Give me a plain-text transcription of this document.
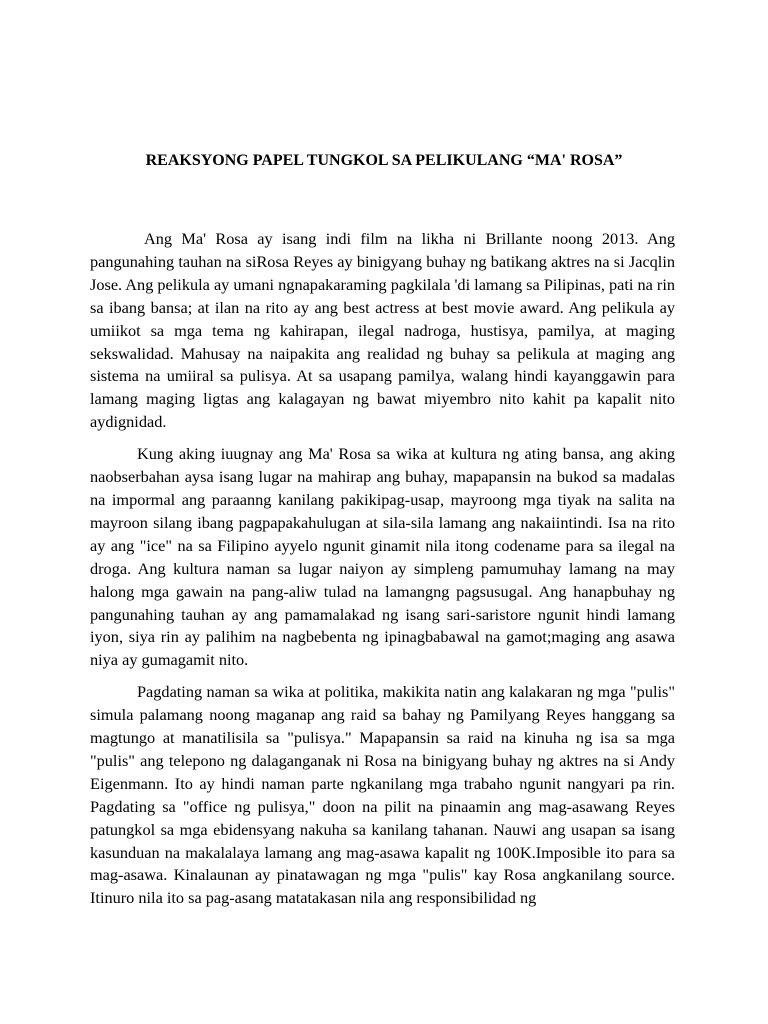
REAKSYONG PAPEL TUNGKOL SA PELIKULANG “MA' ROSA”

Ang Ma' Rosa ay isang indi film na likha ni Brillante noong 2013. Ang pangunahing tauhan na siRosa Reyes ay binigyang buhay ng batikang aktres na si Jacqlin Jose. Ang pelikula ay umani ngnapakaraming pagkilala 'di lamang sa Pilipinas, pati na rin sa ibang bansa; at ilan na rito ay ang best actress at best movie award. Ang pelikula ay umiikot sa mga tema ng kahirapan, ilegal nadroga, hustisya, pamilya, at maging sekswalidad. Mahusay na naipakita ang realidad ng buhay sa pelikula at maging ang sistema na umiiral sa pulisya. At sa usapang pamilya, walang hindi kayanggawin para lamang maging ligtas ang kalagayan ng bawat miyembro nito kahit pa kapalit nito aydignidad.

Kung aking iuugnay ang Ma' Rosa sa wika at kultura ng ating bansa, ang aking naobserbahan aysa isang lugar na mahirap ang buhay, mapapansin na bukod sa madalas na impormal ang paraanng kanilang pakikipag-usap, mayroong mga tiyak na salita na mayroon silang ibang pagpapakahulugan at sila-sila lamang ang nakaiintindi. Isa na rito ay ang "ice" na sa Filipino ayyelo ngunit ginamit nila itong codename para sa ilegal na droga. Ang kultura naman sa lugar naiyon ay simpleng pamumuhay lamang na may halong mga gawain na pang-aliw tulad na lamangng pagsusugal. Ang hanapbuhay ng pangunahing tauhan ay ang pamamalakad ng isang sari-saristore ngunit hindi lamang iyon, siya rin ay palihim na nagbebenta ng ipinagbabawal na gamot;maging ang asawa niya ay gumagamit nito.

Pagdating naman sa wika at politika, makikita natin ang kalakaran ng mga "pulis" simula palamang noong maganap ang raid sa bahay ng Pamilyang Reyes hanggang sa magtungo at manatilisila sa "pulisya." Mapapansin sa raid na kinuha ng isa sa mga "pulis" ang telepono ng dalaganganak ni Rosa na binigyang buhay ng aktres na si Andy Eigenmann. Ito ay hindi naman parte ngkanilang mga trabaho ngunit nangyari pa rin. Pagdating sa "office ng pulisya," doon na pilit na pinaamin ang mag-asawang Reyes patungkol sa mga ebidensyang nakuha sa kanilang tahanan. Nauwi ang usapan sa isang kasunduan na makalalaya lamang ang mag-asawa kapalit ng 100K.Imposible ito para sa mag-asawa. Kinalaunan ay pinatawagan ng mga "pulis" kay Rosa angkanilang source. Itinuro nila ito sa pag-asang matatakasan nila ang responsibilidad ng
